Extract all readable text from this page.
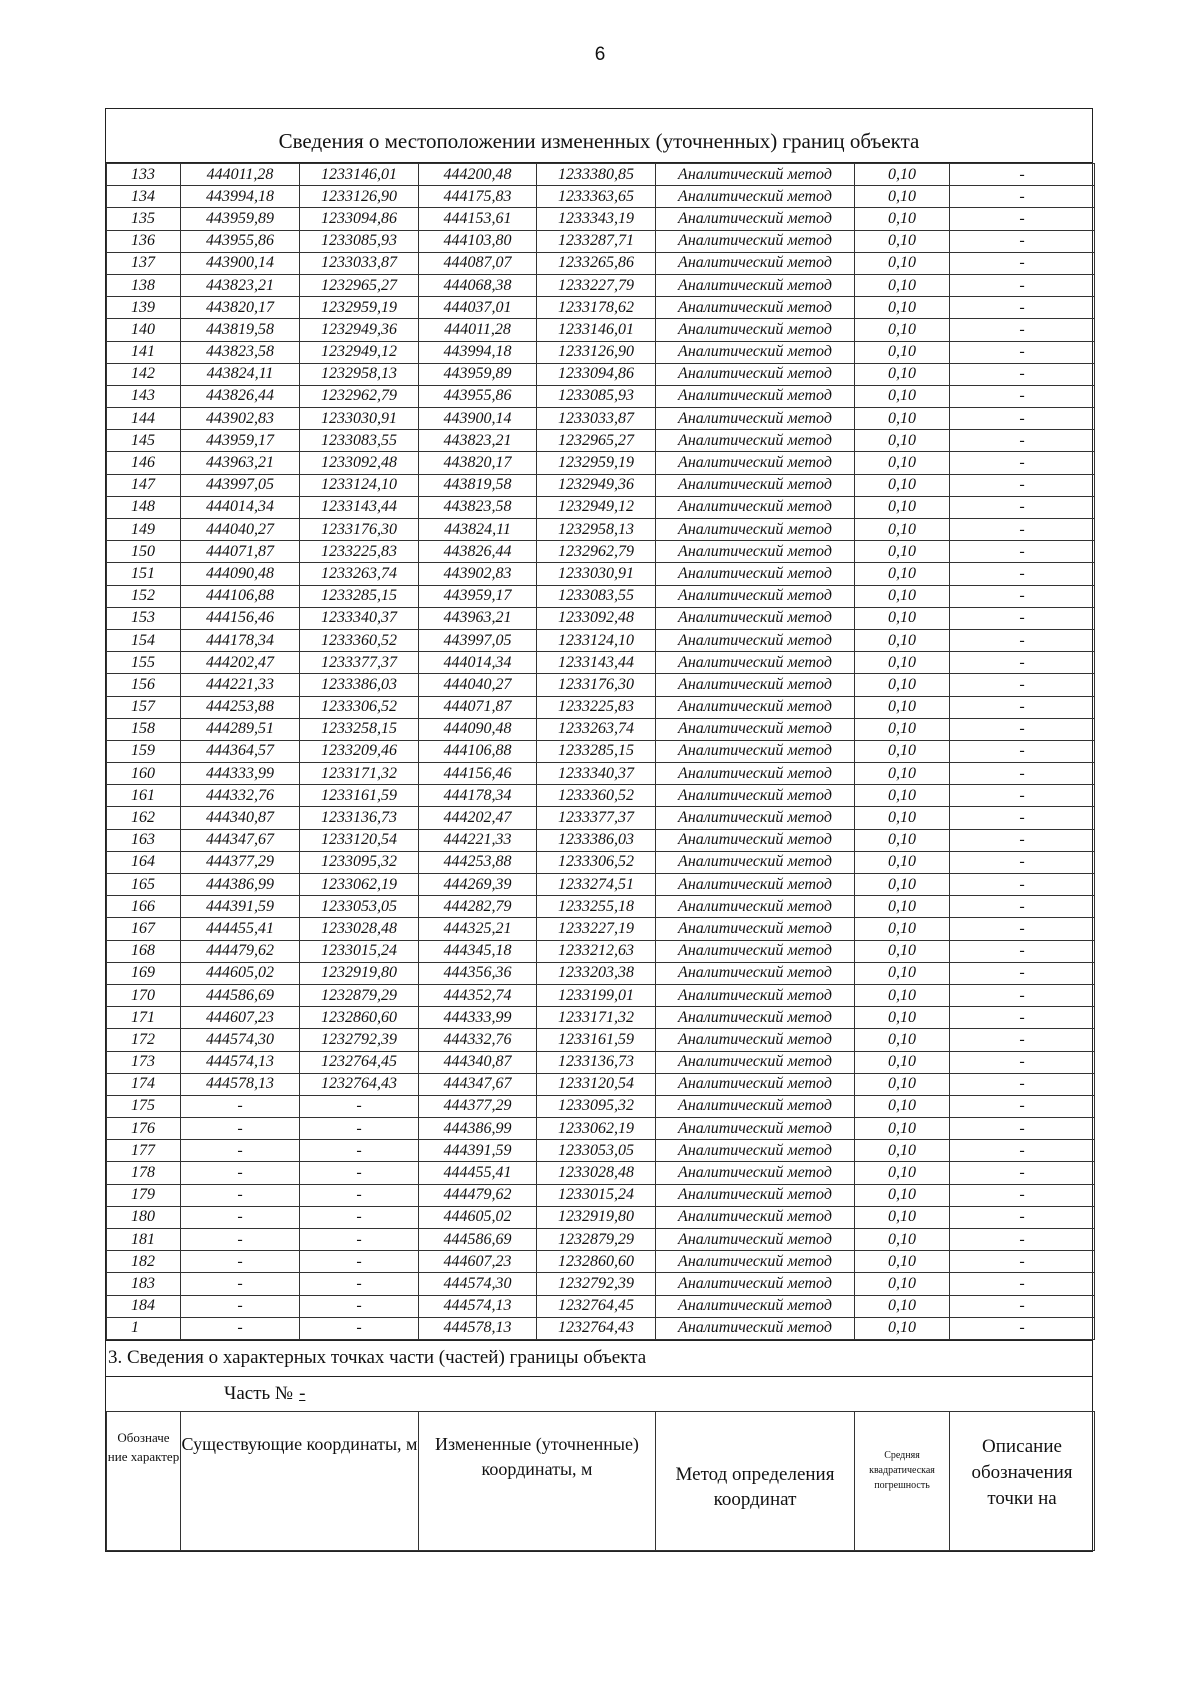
6
Сведения о местоположении измененных (уточненных) границ объекта
133	444011,28	1233146,01	444200,48	1233380,85	Аналитический метод	0,10	-
134	443994,18	1233126,90	444175,83	1233363,65	Аналитический метод	0,10	-
135	443959,89	1233094,86	444153,61	1233343,19	Аналитический метод	0,10	-
136	443955,86	1233085,93	444103,80	1233287,71	Аналитический метод	0,10	-
137	443900,14	1233033,87	444087,07	1233265,86	Аналитический метод	0,10	-
138	443823,21	1232965,27	444068,38	1233227,79	Аналитический метод	0,10	-
139	443820,17	1232959,19	444037,01	1233178,62	Аналитический метод	0,10	-
140	443819,58	1232949,36	444011,28	1233146,01	Аналитический метод	0,10	-
141	443823,58	1232949,12	443994,18	1233126,90	Аналитический метод	0,10	-
142	443824,11	1232958,13	443959,89	1233094,86	Аналитический метод	0,10	-
143	443826,44	1232962,79	443955,86	1233085,93	Аналитический метод	0,10	-
144	443902,83	1233030,91	443900,14	1233033,87	Аналитический метод	0,10	-
145	443959,17	1233083,55	443823,21	1232965,27	Аналитический метод	0,10	-
146	443963,21	1233092,48	443820,17	1232959,19	Аналитический метод	0,10	-
147	443997,05	1233124,10	443819,58	1232949,36	Аналитический метод	0,10	-
148	444014,34	1233143,44	443823,58	1232949,12	Аналитический метод	0,10	-
149	444040,27	1233176,30	443824,11	1232958,13	Аналитический метод	0,10	-
150	444071,87	1233225,83	443826,44	1232962,79	Аналитический метод	0,10	-
151	444090,48	1233263,74	443902,83	1233030,91	Аналитический метод	0,10	-
152	444106,88	1233285,15	443959,17	1233083,55	Аналитический метод	0,10	-
153	444156,46	1233340,37	443963,21	1233092,48	Аналитический метод	0,10	-
154	444178,34	1233360,52	443997,05	1233124,10	Аналитический метод	0,10	-
155	444202,47	1233377,37	444014,34	1233143,44	Аналитический метод	0,10	-
156	444221,33	1233386,03	444040,27	1233176,30	Аналитический метод	0,10	-
157	444253,88	1233306,52	444071,87	1233225,83	Аналитический метод	0,10	-
158	444289,51	1233258,15	444090,48	1233263,74	Аналитический метод	0,10	-
159	444364,57	1233209,46	444106,88	1233285,15	Аналитический метод	0,10	-
160	444333,99	1233171,32	444156,46	1233340,37	Аналитический метод	0,10	-
161	444332,76	1233161,59	444178,34	1233360,52	Аналитический метод	0,10	-
162	444340,87	1233136,73	444202,47	1233377,37	Аналитический метод	0,10	-
163	444347,67	1233120,54	444221,33	1233386,03	Аналитический метод	0,10	-
164	444377,29	1233095,32	444253,88	1233306,52	Аналитический метод	0,10	-
165	444386,99	1233062,19	444269,39	1233274,51	Аналитический метод	0,10	-
166	444391,59	1233053,05	444282,79	1233255,18	Аналитический метод	0,10	-
167	444455,41	1233028,48	444325,21	1233227,19	Аналитический метод	0,10	-
168	444479,62	1233015,24	444345,18	1233212,63	Аналитический метод	0,10	-
169	444605,02	1232919,80	444356,36	1233203,38	Аналитический метод	0,10	-
170	444586,69	1232879,29	444352,74	1233199,01	Аналитический метод	0,10	-
171	444607,23	1232860,60	444333,99	1233171,32	Аналитический метод	0,10	-
172	444574,30	1232792,39	444332,76	1233161,59	Аналитический метод	0,10	-
173	444574,13	1232764,45	444340,87	1233136,73	Аналитический метод	0,10	-
174	444578,13	1232764,43	444347,67	1233120,54	Аналитический метод	0,10	-
175	-	-	444377,29	1233095,32	Аналитический метод	0,10	-
176	-	-	444386,99	1233062,19	Аналитический метод	0,10	-
177	-	-	444391,59	1233053,05	Аналитический метод	0,10	-
178	-	-	444455,41	1233028,48	Аналитический метод	0,10	-
179	-	-	444479,62	1233015,24	Аналитический метод	0,10	-
180	-	-	444605,02	1232919,80	Аналитический метод	0,10	-
181	-	-	444586,69	1232879,29	Аналитический метод	0,10	-
182	-	-	444607,23	1232860,60	Аналитический метод	0,10	-
183	-	-	444574,30	1232792,39	Аналитический метод	0,10	-
184	-	-	444574,13	1232764,45	Аналитический метод	0,10	-
1	-	-	444578,13	1232764,43	Аналитический метод	0,10	-
3. Сведения о характерных точках части (частей) границы объекта
Часть № -
Обозначе ние характер	Существующие координаты, м	Измененные (уточненные) координаты, м	Метод определения координат	Средняя квадратическая погрешность	Описание обозначения точки на
